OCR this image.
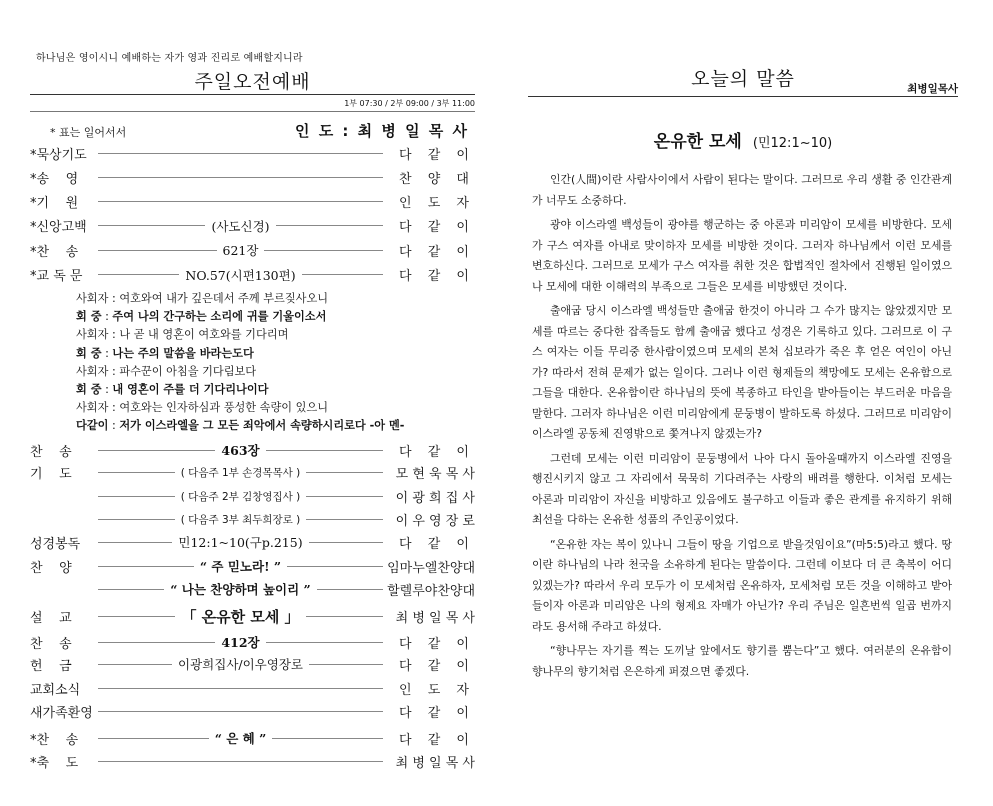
하나님은 영이시니 예배하는 자가 영과 진리로 예배할지니라
주일오전예배
1부 07:30 / 2부 09:00 / 3부 11:00
* 표는 일어서서	인 도 : 최 병 일 목 사
*묵상기도	다 같 이
*송    영	찬 양 대
*기    원	인 도 자
*신앙고백	(사도신경)	다 같 이
*찬    송	621장	다 같 이
*교 독 문	NO.57(시편130편)	다 같 이
사회자 : 여호와여 내가 깊은데서 주께 부르짖사오니
회 중 : 주여 나의 간구하는 소리에 귀를 기울이소서
사회자 : 나 곧 내 영혼이 여호와를 기다리며
회 중 : 나는 주의 말씀을 바라는도다
사회자 : 파수꾼이 아침을 기다림보다
회 중 : 내 영혼이 주를 더 기다리나이다
사회자 : 여호와는 인자하심과 풍성한 속량이 있으니
다같이 : 저가 이스라엘을 그 모든 죄악에서 속량하시리로다 -아 멘-
찬    송	463장	다 같 이
기    도	( 다음주 1부 손경목목사 )	모 현 욱 목 사
( 다음주 2부 김창영집사 )	이 광 희 집 사
( 다음주 3부 최두희장로 )	이 우 영 장 로
성경봉독	민12:1~10(구p.215)	다 같 이
찬    양	“ 주 믿노라! ”	임마누엘찬양대
“ 나는 찬양하며 높이리 ”	할렐루야찬양대
설    교	「 온유한 모세 」	최 병 일 목 사
찬    송	412장	다 같 이
헌    금	이광희집사/이우영장로	다 같 이
교회소식	인 도 자
새가족환영	다 같 이
*찬    송	“ 은 혜 ”	다 같 이
*축    도	최 병 일 목 사
오늘의 말씀	최병일목사
온유한 모세 (민12:1~10)

인간(人間)이란 사람사이에서 사람이 된다는 말이다. 그러므로 우리 생활 중 인간관계가 너무도 소중하다.

광야 이스라엘 백성들이 광야를 행군하는 중 아론과 미리암이 모세를 비방한다. 모세가 구스 여자를 아내로 맞이하자 모세를 비방한 것이다. 그러자 하나님께서 이런 모세를 변호하신다. 그러므로 모세가 구스 여자를 취한 것은 합법적인 절차에서 진행된 일이였으나 모세에 대한 이해력의 부족으로 그들은 모세를 비방했던 것이다.

출애굽 당시 이스라엘 백성들만 출애굽 한것이 아니라 그 수가 많지는 않았겠지만 모세를 따르는 중다한 잡족들도 함께 출애굽 했다고 성경은 기록하고 있다. 그러므로 이 구스 여자는 이들 무리중 한사람이였으며 모세의 본처 십보라가 죽은 후 얻은 여인이 아닌가? 따라서 전혀 문제가 없는 일이다. 그러나 이런 형제들의 책망에도 모세는 온유함으로 그들을 대한다. 온유함이란 하나님의 뜻에 복종하고 타인을 받아들이는 부드러운 마음을 말한다. 그러자 하나님은 이런 미리암에게 문둥병이 발하도록 하셨다. 그러므로 미리암이 이스라엘 공동체 진영밖으로 쫓겨나지 않겠는가?

그런데 모세는 이런 미리암이 문둥병에서 나아 다시 돌아올때까지 이스라엘 진영을 행진시키지 않고 그 자리에서 묵묵히 기다려주는 사랑의 배려를 행한다. 이처럼 모세는 아론과 미리암이 자신을 비방하고 있음에도 불구하고 이들과 좋은 관계를 유지하기 위해 최선을 다하는 온유한 성품의 주인공이었다.

“온유한 자는 복이 있나니 그들이 땅을 기업으로 받을것임이요”(마5:5)라고 했다. 땅이란 하나님의 나라 천국을 소유하게 된다는 말씀이다. 그런데 이보다 더 큰 축복이 어디있겠는가? 따라서 우리 모두가 이 모세처럼 온유하자, 모세처럼 모든 것을 이해하고 받아들이자 아론과 미리암은 나의 형제요 자매가 아닌가? 우리 주님은 일흔번씩 일곱 번까지라도 용서해 주라고 하셨다.

“향나무는 자기를 찍는 도끼날 앞에서도 향기를 뿜는다”고 했다. 여러분의 온유함이 향나무의 향기처럼 은은하게 퍼졌으면 좋겠다.
